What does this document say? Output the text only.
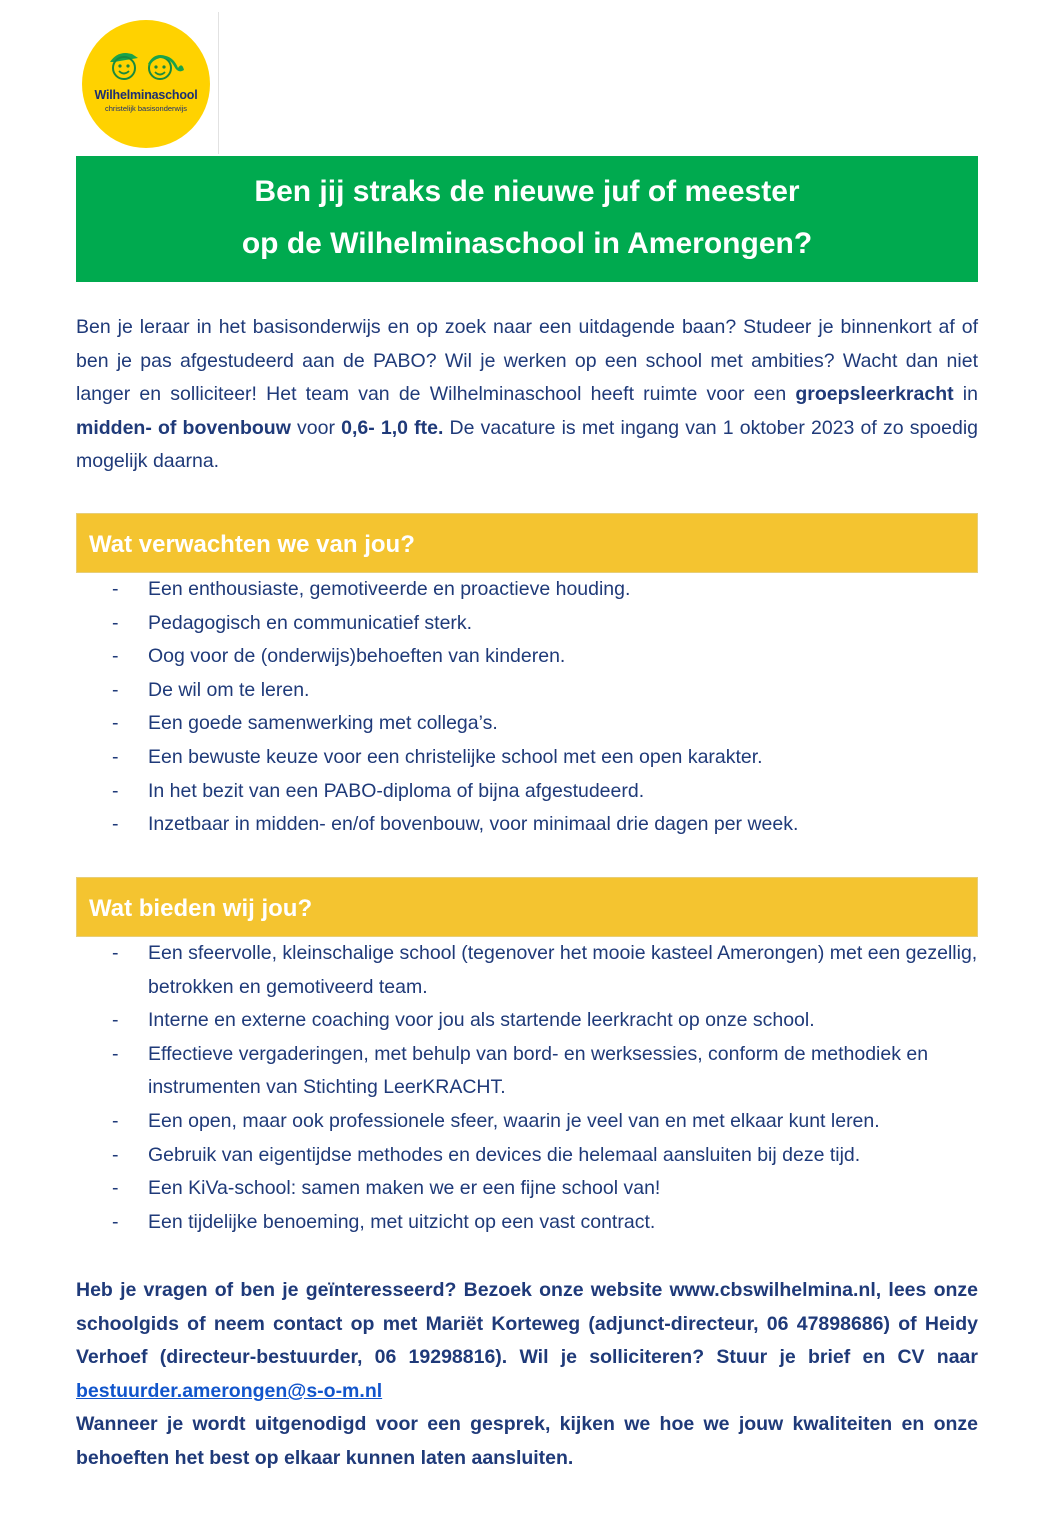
Wilhelminaschool
christelijk basisonderwijs
Ben jij straks de nieuwe juf of meester
op de Wilhelminaschool in Amerongen?
Ben je leraar in het basisonderwijs en op zoek naar een uitdagende baan? Studeer je binnenkort af of ben je pas afgestudeerd aan de PABO? Wil je werken op een school met ambities? Wacht dan niet langer en solliciteer! Het team van de Wilhelminaschool heeft ruimte voor een groepsleerkracht in midden- of bovenbouw voor 0,6- 1,0 fte. De vacature is met ingang van 1 oktober 2023 of zo spoedig mogelijk daarna.
Wat verwachten we van jou?
- Een enthousiaste, gemotiveerde en proactieve houding.
- Pedagogisch en communicatief sterk.
- Oog voor de (onderwijs)behoeften van kinderen.
- De wil om te leren.
- Een goede samenwerking met collega’s.
- Een bewuste keuze voor een christelijke school met een open karakter.
- In het bezit van een PABO-diploma of bijna afgestudeerd.
- Inzetbaar in midden- en/of bovenbouw, voor minimaal drie dagen per week.
Wat bieden wij jou?
- Een sfeervolle, kleinschalige school (tegenover het mooie kasteel Amerongen) met een gezellig, betrokken en gemotiveerd team.
- Interne en externe coaching voor jou als startende leerkracht op onze school.
- Effectieve vergaderingen, met behulp van bord- en werksessies, conform de methodiek en instrumenten van Stichting LeerKRACHT.
- Een open, maar ook professionele sfeer, waarin je veel van en met elkaar kunt leren.
- Gebruik van eigentijdse methodes en devices die helemaal aansluiten bij deze tijd.
- Een KiVa-school: samen maken we er een fijne school van!
- Een tijdelijke benoeming, met uitzicht op een vast contract.

Heb je vragen of ben je geïnteresseerd? Bezoek onze website www.cbswilhelmina.nl, lees onze schoolgids of neem contact op met Mariët Korteweg (adjunct-directeur, 06 47898686) of Heidy Verhoef (directeur-bestuurder, 06 19298816). Wil je solliciteren? Stuur je brief en CV naar bestuurder.amerongen@s-o-m.nl

Wanneer je wordt uitgenodigd voor een gesprek, kijken we hoe we jouw kwaliteiten en onze behoeften het best op elkaar kunnen laten aansluiten.
